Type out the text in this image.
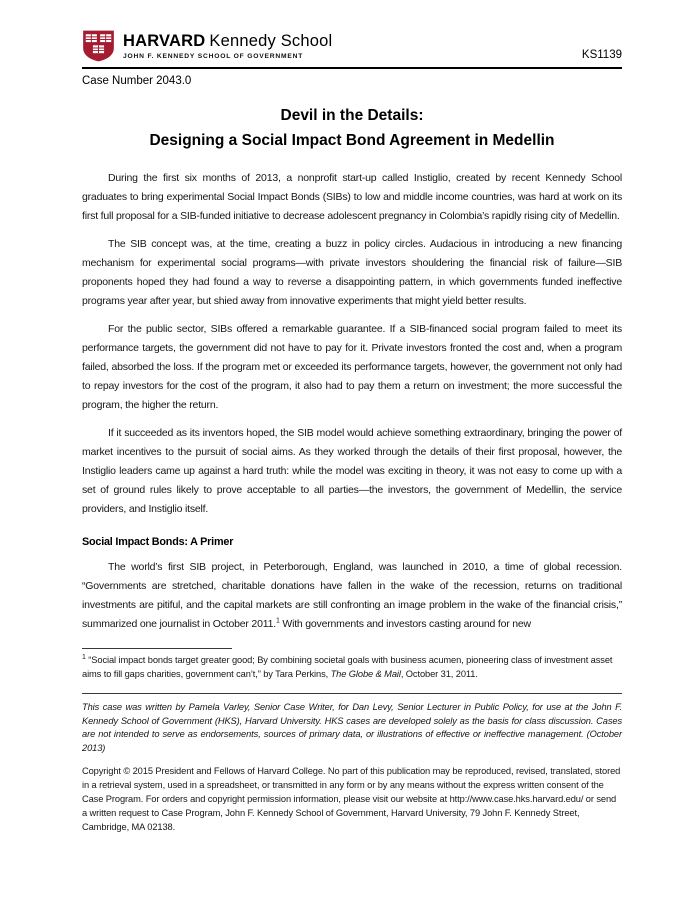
HARVARD Kennedy School
JOHN F. KENNEDY SCHOOL OF GOVERNMENT	KS1139
Case Number 2043.0
Devil in the Details:
Designing a Social Impact Bond Agreement in Medellin

During the first six months of 2013, a nonprofit start-up called Instiglio, created by recent Kennedy School graduates to bring experimental Social Impact Bonds (SIBs) to low and middle income countries, was hard at work on its first full proposal for a SIB-funded initiative to decrease adolescent pregnancy in Colombia’s rapidly rising city of Medellin.

The SIB concept was, at the time, creating a buzz in policy circles. Audacious in introducing a new financing mechanism for experimental social programs—with private investors shouldering the financial risk of failure—SIB proponents hoped they had found a way to reverse a disappointing pattern, in which governments funded ineffective programs year after year, but shied away from innovative experiments that might yield better results.

For the public sector, SIBs offered a remarkable guarantee. If a SIB-financed social program failed to meet its performance targets, the government did not have to pay for it. Private investors fronted the cost and, when a program failed, absorbed the loss. If the program met or exceeded its performance targets, however, the government not only had to repay investors for the cost of the program, it also had to pay them a return on investment; the more successful the program, the higher the return.

If it succeeded as its inventors hoped, the SIB model would achieve something extraordinary, bringing the power of market incentives to the pursuit of social aims. As they worked through the details of their first proposal, however, the Instiglio leaders came up against a hard truth: while the model was exciting in theory, it was not easy to come up with a set of ground rules likely to prove acceptable to all parties—the investors, the government of Medellin, the service providers, and Instiglio itself.

Social Impact Bonds: A Primer

The world’s first SIB project, in Peterborough, England, was launched in 2010, a time of global recession. “Governments are stretched, charitable donations have fallen in the wake of the recession, returns on traditional investments are pitiful, and the capital markets are still confronting an image problem in the wake of the financial crisis,” summarized one journalist in October 2011.$^1$ With governments and investors casting around for new

$^1$ “Social impact bonds target greater good; By combining societal goals with business acumen, pioneering class of investment asset aims to fill gaps charities, government can’t,” by Tara Perkins, The Globe & Mail, October 31, 2011.

This case was written by Pamela Varley, Senior Case Writer, for Dan Levy, Senior Lecturer in Public Policy, for use at the John F. Kennedy School of Government (HKS), Harvard University. HKS cases are developed solely as the basis for class discussion. Cases are not intended to serve as endorsements, sources of primary data, or illustrations of effective or ineffective management. (October 2013)

Copyright © 2015 President and Fellows of Harvard College. No part of this publication may be reproduced, revised, translated, stored in a retrieval system, used in a spreadsheet, or transmitted in any form or by any means without the express written consent of the Case Program. For orders and copyright permission information, please visit our website at http://www.case.hks.harvard.edu/ or send a written request to Case Program, John F. Kennedy School of Government, Harvard University, 79 John F. Kennedy Street, Cambridge, MA 02138.
